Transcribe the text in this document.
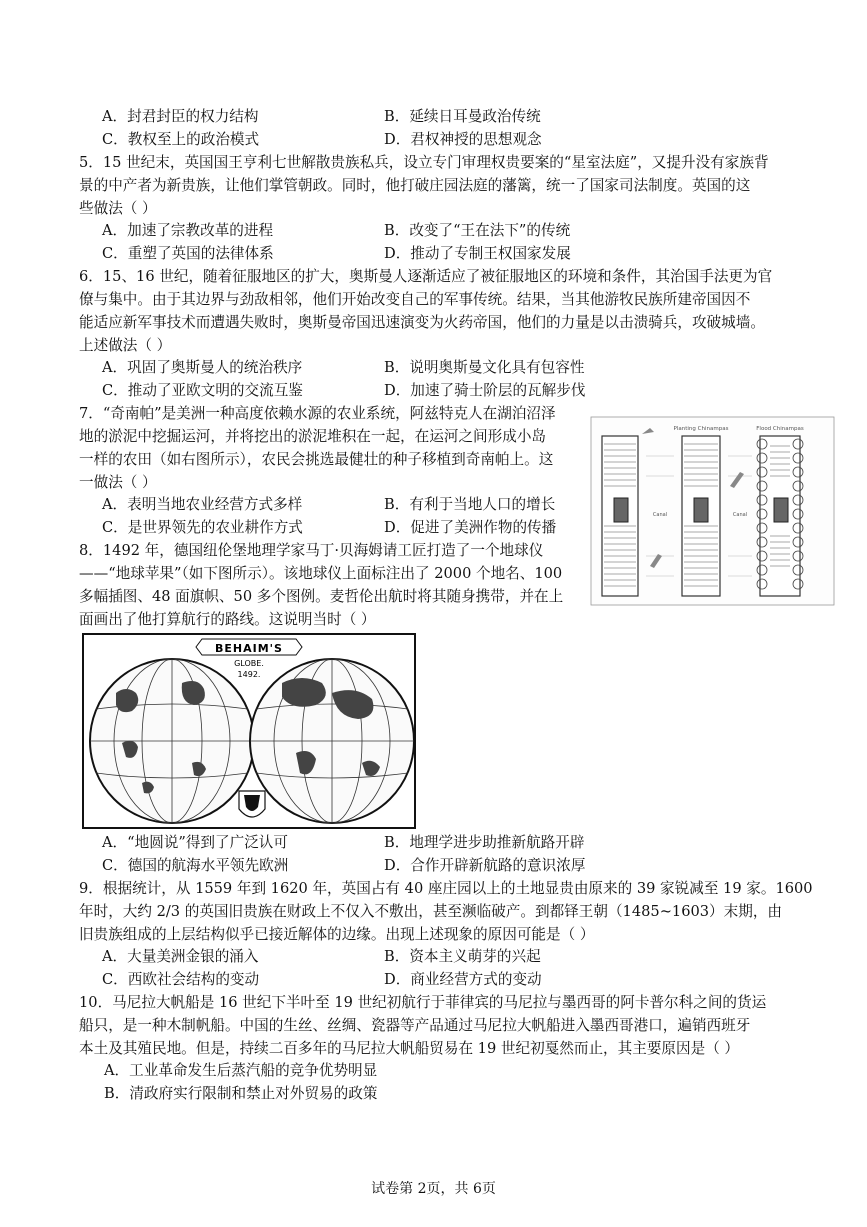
A．封君封臣的权力结构	B．延续日耳曼政治传统
C．教权至上的政治模式	D．君权神授的思想观念
5．15 世纪末，英国国王亨利七世解散贵族私兵，设立专门审理权贵要案的“星室法庭”，又提升没有家族背
景的中产者为新贵族，让他们掌管朝政。同时，他打破庄园法庭的藩篱，统一了国家司法制度。英国的这
些做法（ ）
A．加速了宗教改革的进程	B．改变了“王在法下”的传统
C．重塑了英国的法律体系	D．推动了专制王权国家发展
6．15、16 世纪，随着征服地区的扩大，奥斯曼人逐渐适应了被征服地区的环境和条件，其治国手法更为官
僚与集中。由于其边界与劲敌相邻，他们开始改变自己的军事传统。结果，当其他游牧民族所建帝国因不
能适应新军事技术而遭遇失败时，奥斯曼帝国迅速演变为火药帝国，他们的力量是以击溃骑兵，攻破城墙。
上述做法（ ）
A．巩固了奥斯曼人的统治秩序	B．说明奥斯曼文化具有包容性
C．推动了亚欧文明的交流互鉴	D．加速了骑士阶层的瓦解步伐
7．“奇南帕”是美洲一种高度依赖水源的农业系统，阿兹特克人在湖泊沼泽
地的淤泥中挖掘运河，并将挖出的淤泥堆积在一起，在运河之间形成小岛
一样的农田（如右图所示），农民会挑选最健壮的种子移植到奇南帕上。这
一做法（ ）
A．表明当地农业经营方式多样	B．有利于当地人口的增长
C．是世界领先的农业耕作方式	D．促进了美洲作物的传播
Planting Chinampas	Flood Chinampas
Canal	Canal
8．1492 年，德国纽伦堡地理学家马丁·贝海姆请工匠打造了一个地球仪
——“地球苹果”（如下图所示）。该地球仪上面标注出了 2000 个地名、100
多幅插图、48 面旗帜、50 多个图例。麦哲伦出航时将其随身携带，并在上
面画出了他打算航行的路线。这说明当时（ ）
BEHAIM'S
GLOBE.
1492.
A．“地圆说”得到了广泛认可	B．地理学进步助推新航路开辟
C．德国的航海水平领先欧洲	D．合作开辟新航路的意识浓厚
9．根据统计，从 1559 年到 1620 年，英国占有 40 座庄园以上的土地显贵由原来的 39 家锐减至 19 家。1600
年时，大约 2/3 的英国旧贵族在财政上不仅入不敷出，甚至濒临破产。到都铎王朝（1485~1603）末期，由
旧贵族组成的上层结构似乎已接近解体的边缘。出现上述现象的原因可能是（ ）
A．大量美洲金银的涌入	B．资本主义萌芽的兴起
C．西欧社会结构的变动	D．商业经营方式的变动
10．马尼拉大帆船是 16 世纪下半叶至 19 世纪初航行于菲律宾的马尼拉与墨西哥的阿卡普尔科之间的货运
船只，是一种木制帆船。中国的生丝、丝绸、瓷器等产品通过马尼拉大帆船进入墨西哥港口，遍销西班牙
本土及其殖民地。但是，持续二百多年的马尼拉大帆船贸易在 19 世纪初戛然而止，其主要原因是（ ）
A．工业革命发生后蒸汽船的竞争优势明显
B．清政府实行限制和禁止对外贸易的政策
试卷第 2页，共 6页
